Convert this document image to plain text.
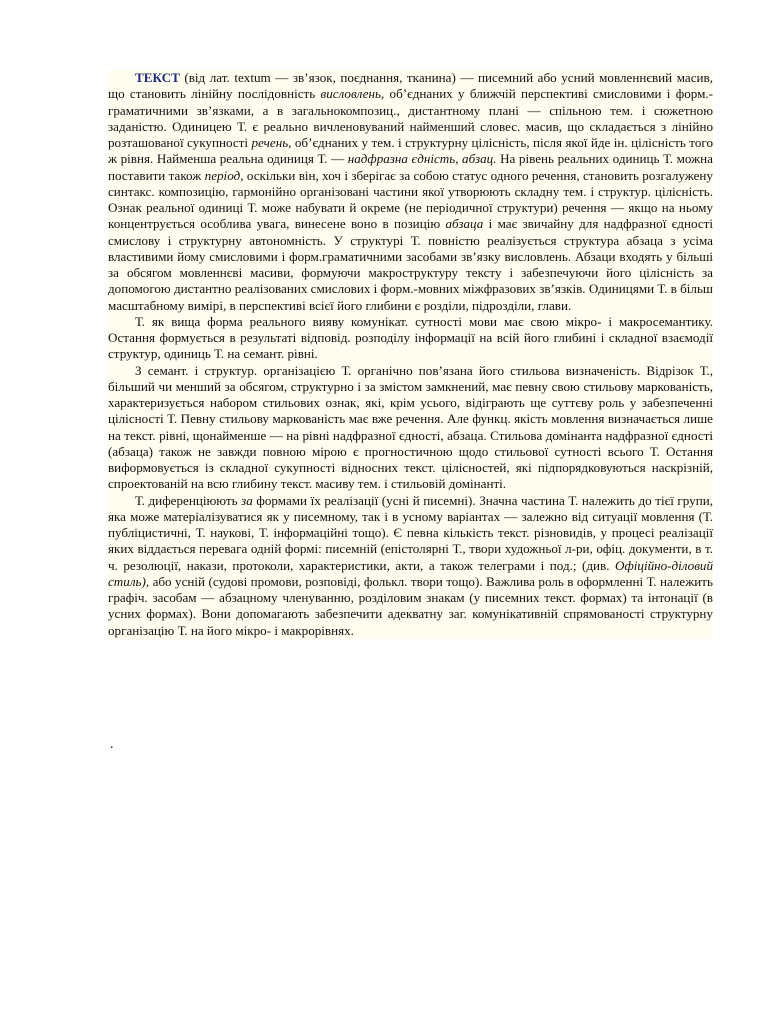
ТЕКСТ (від лат. textum — зв’язок, поєднання, тканина) — писемний або усний мовленнєвий масив, що становить лінійну послідовність висловлень, об’єднаних у ближчій перспективі смисловими і форм.-граматичними зв’язками, а в загальнокомпозиц., дистантному плані — спільною тем. і сюжетною заданістю. Одиницею Т. є реально вичленовуваний найменший словес. масив, що складається з лінійно розташованої сукупності речень, об’єднаних у тем. і структурну цілісність, після якої йде ін. цілісність того ж рівня. Найменша реальна одиниця Т. — надфразна єдність, абзац. На рівень реальних одиниць Т. можна поставити також період, оскільки він, хоч і зберігає за собою статус одного речення, становить розгалужену синтакс. композицію, гармонійно організовані частини якої утворюють складну тем. і структур. цілісність. Ознак реальної одиниці Т. може набувати й окреме (не періодичної структури) речення — якщо на ньому концентрується особлива увага, винесене воно в позицію абзаца і має звичайну для надфразної єдності смислову і структурну автономність. У структурі Т. повністю реалізується структура абзаца з усіма властивими йому смисловими і форм.граматичними засобами зв’язку висловлень. Абзаци входять у більші за обсягом мовленнєві масиви, формуючи макроструктуру тексту і забезпечуючи його цілісність за допомогою дистантно реалізованих смислових і форм.-мовних міжфразових зв’язків. Одиницями Т. в більш масштабному вимірі, в перспективі всієї його глибини є розділи, підрозділи, глави.

Т. як вища форма реального вияву комунікат. сутності мови має свою мікро- і макросемантику. Остання формується в результаті відповід. розподілу інформації на всій його глибині і складної взаємодії структур, одиниць Т. на семант. рівні.

З семант. і структур. організацією Т. органічно пов’язана його стильова визначеність. Відрізок Т., більший чи менший за обсягом, структурно і за змістом замкнений, має певну свою стильову маркованість, характеризується набором стильових ознак, які, крім усього, відіграють ще суттєву роль у забезпеченні цілісності Т. Певну стильову маркованість має вже речення. Але функц. якість мовлення визначається лише на текст. рівні, щонайменше — на рівні надфразної єдності, абзаца. Стильова домінанта надфразної єдності (абзаца) також не завжди повною мірою є прогностичною щодо стильової сутності всього Т. Остання виформовується із складної сукупності відносних текст. цілісностей, які підпорядковуються наскрізній, спроектованій на всю глибину текст. масиву тем. і стильовій домінанті.

Т. диференціюють за формами їх реалізації (усні й писемні). Значна частина Т. належить до тієї групи, яка може матеріалізуватися як у писемному, так і в усному варіантах — залежно від ситуації мовлення (Т. публіцистичні, Т. наукові, Т. інформаційні тощо). Є певна кількість текст. різновидів, у процесі реалізації яких віддається перевага одній формі: писемній (епістолярні Т., твори художньої л-ри, офіц. документи, в т. ч. резолюції, накази, протоколи, характеристики, акти, а також телеграми і под.; (див. Офіційно-діловий стиль), або усній (судові промови, розповіді, фолькл. твори тощо). Важлива роль в оформленні Т. належить графіч. засобам — абзацному членуванню, розділовим знакам (у писемних текст. формах) та інтонації (в усних формах). Вони допомагають забезпечити адекватну заг. комунікативній спрямованості структурну організацію Т. на його мікро- і макрорівнях.

.
